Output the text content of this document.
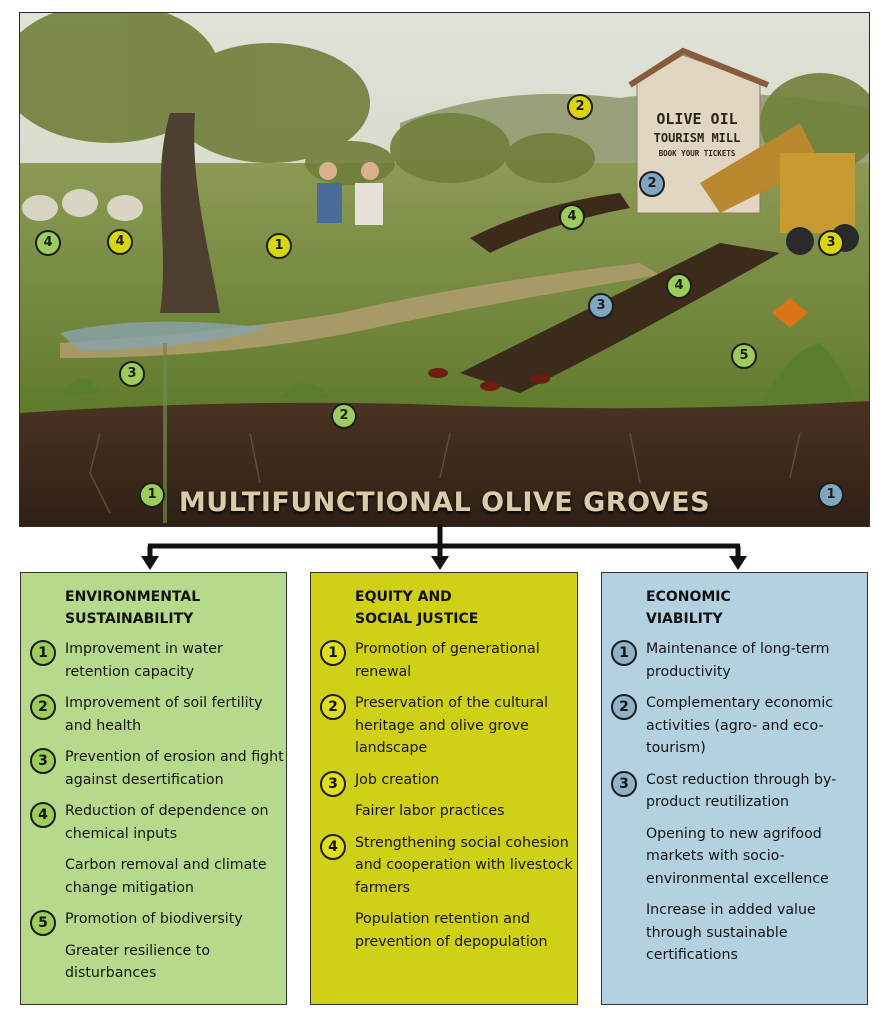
OLIVE OIL
TOURISM MILL
BOOK YOUR TICKETS
4	4	1
2
2
4
3
4
3
3
5
2
1	1
MULTIFUNCTIONAL OLIVE GROVES
ENVIRONMENTAL
SUSTAINABILITY
1	Improvement in water retention capacity
2	Improvement of soil fertility and health
3	Prevention of erosion and fight against desertification
4	Reduction of dependence on chemical inputs
Carbon removal and climate change mitigation
5	Promotion of biodiversity
Greater resilience to disturbances
EQUITY AND
SOCIAL JUSTICE
1	Promotion of generational renewal
2	Preservation of the cultural heritage and olive grove landscape
3	Job creation
Fairer labor practices
4	Strengthening social cohesion and cooperation with livestock farmers
Population retention and prevention of depopulation
ECONOMIC
VIABILITY
1	Maintenance of long-term productivity
2	Complementary economic activities (agro- and eco-tourism)
3	Cost reduction through by-product reutilization
Opening to new agrifood markets with socio-environmental excellence
Increase in added value through sustainable certifications
